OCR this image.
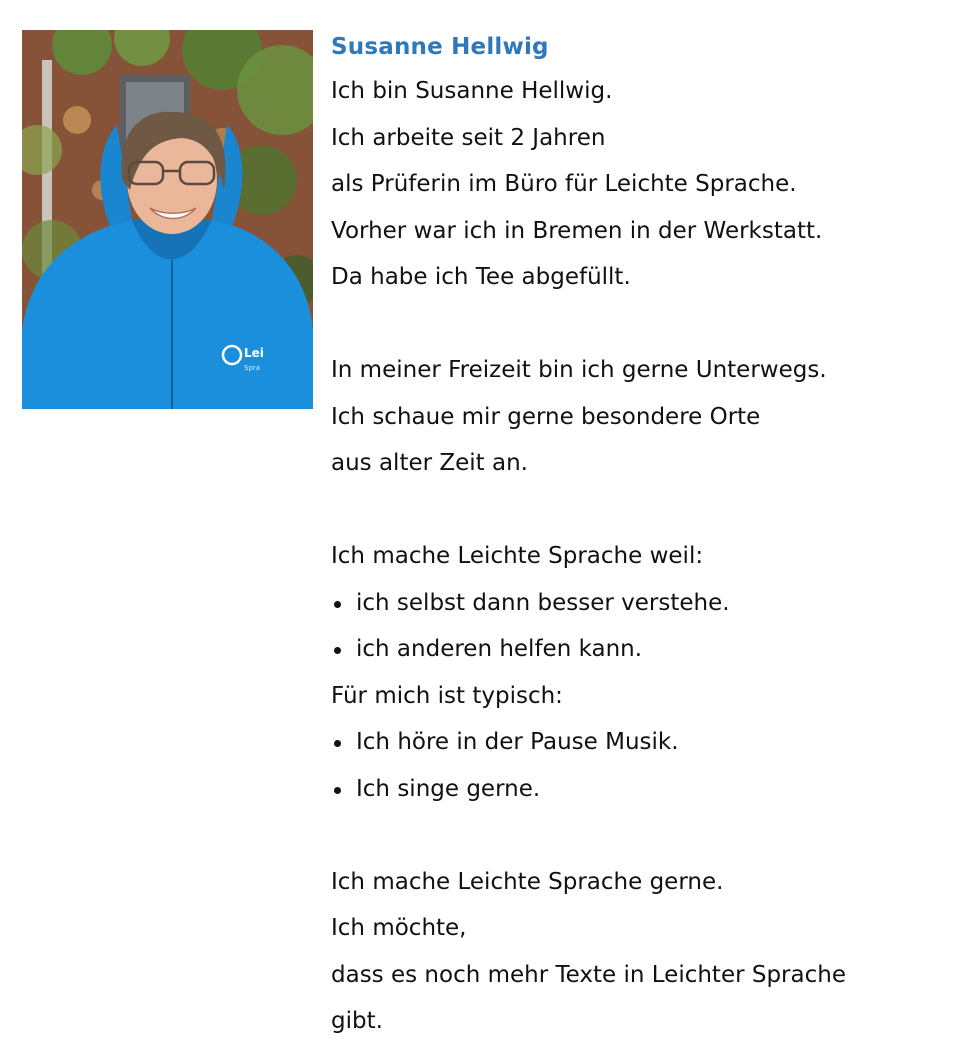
Lei
Spra
Susanne Hellwig

Ich bin Susanne Hellwig.

Ich arbeite seit 2 Jahren

als Prüferin im Büro für Leichte Sprache.

Vorher war ich in Bremen in der Werkstatt.

Da habe ich Tee abgefüllt.

In meiner Freizeit bin ich gerne Unterwegs.

Ich schaue mir gerne besondere Orte

aus alter Zeit an.

Ich mache Leichte Sprache weil:

ich selbst dann besser verstehe.
ich anderen helfen kann.

Für mich ist typisch:

Ich höre in der Pause Musik.
Ich singe gerne.

Ich mache Leichte Sprache gerne.

Ich möchte,

dass es noch mehr Texte in Leichter Sprache

gibt.
